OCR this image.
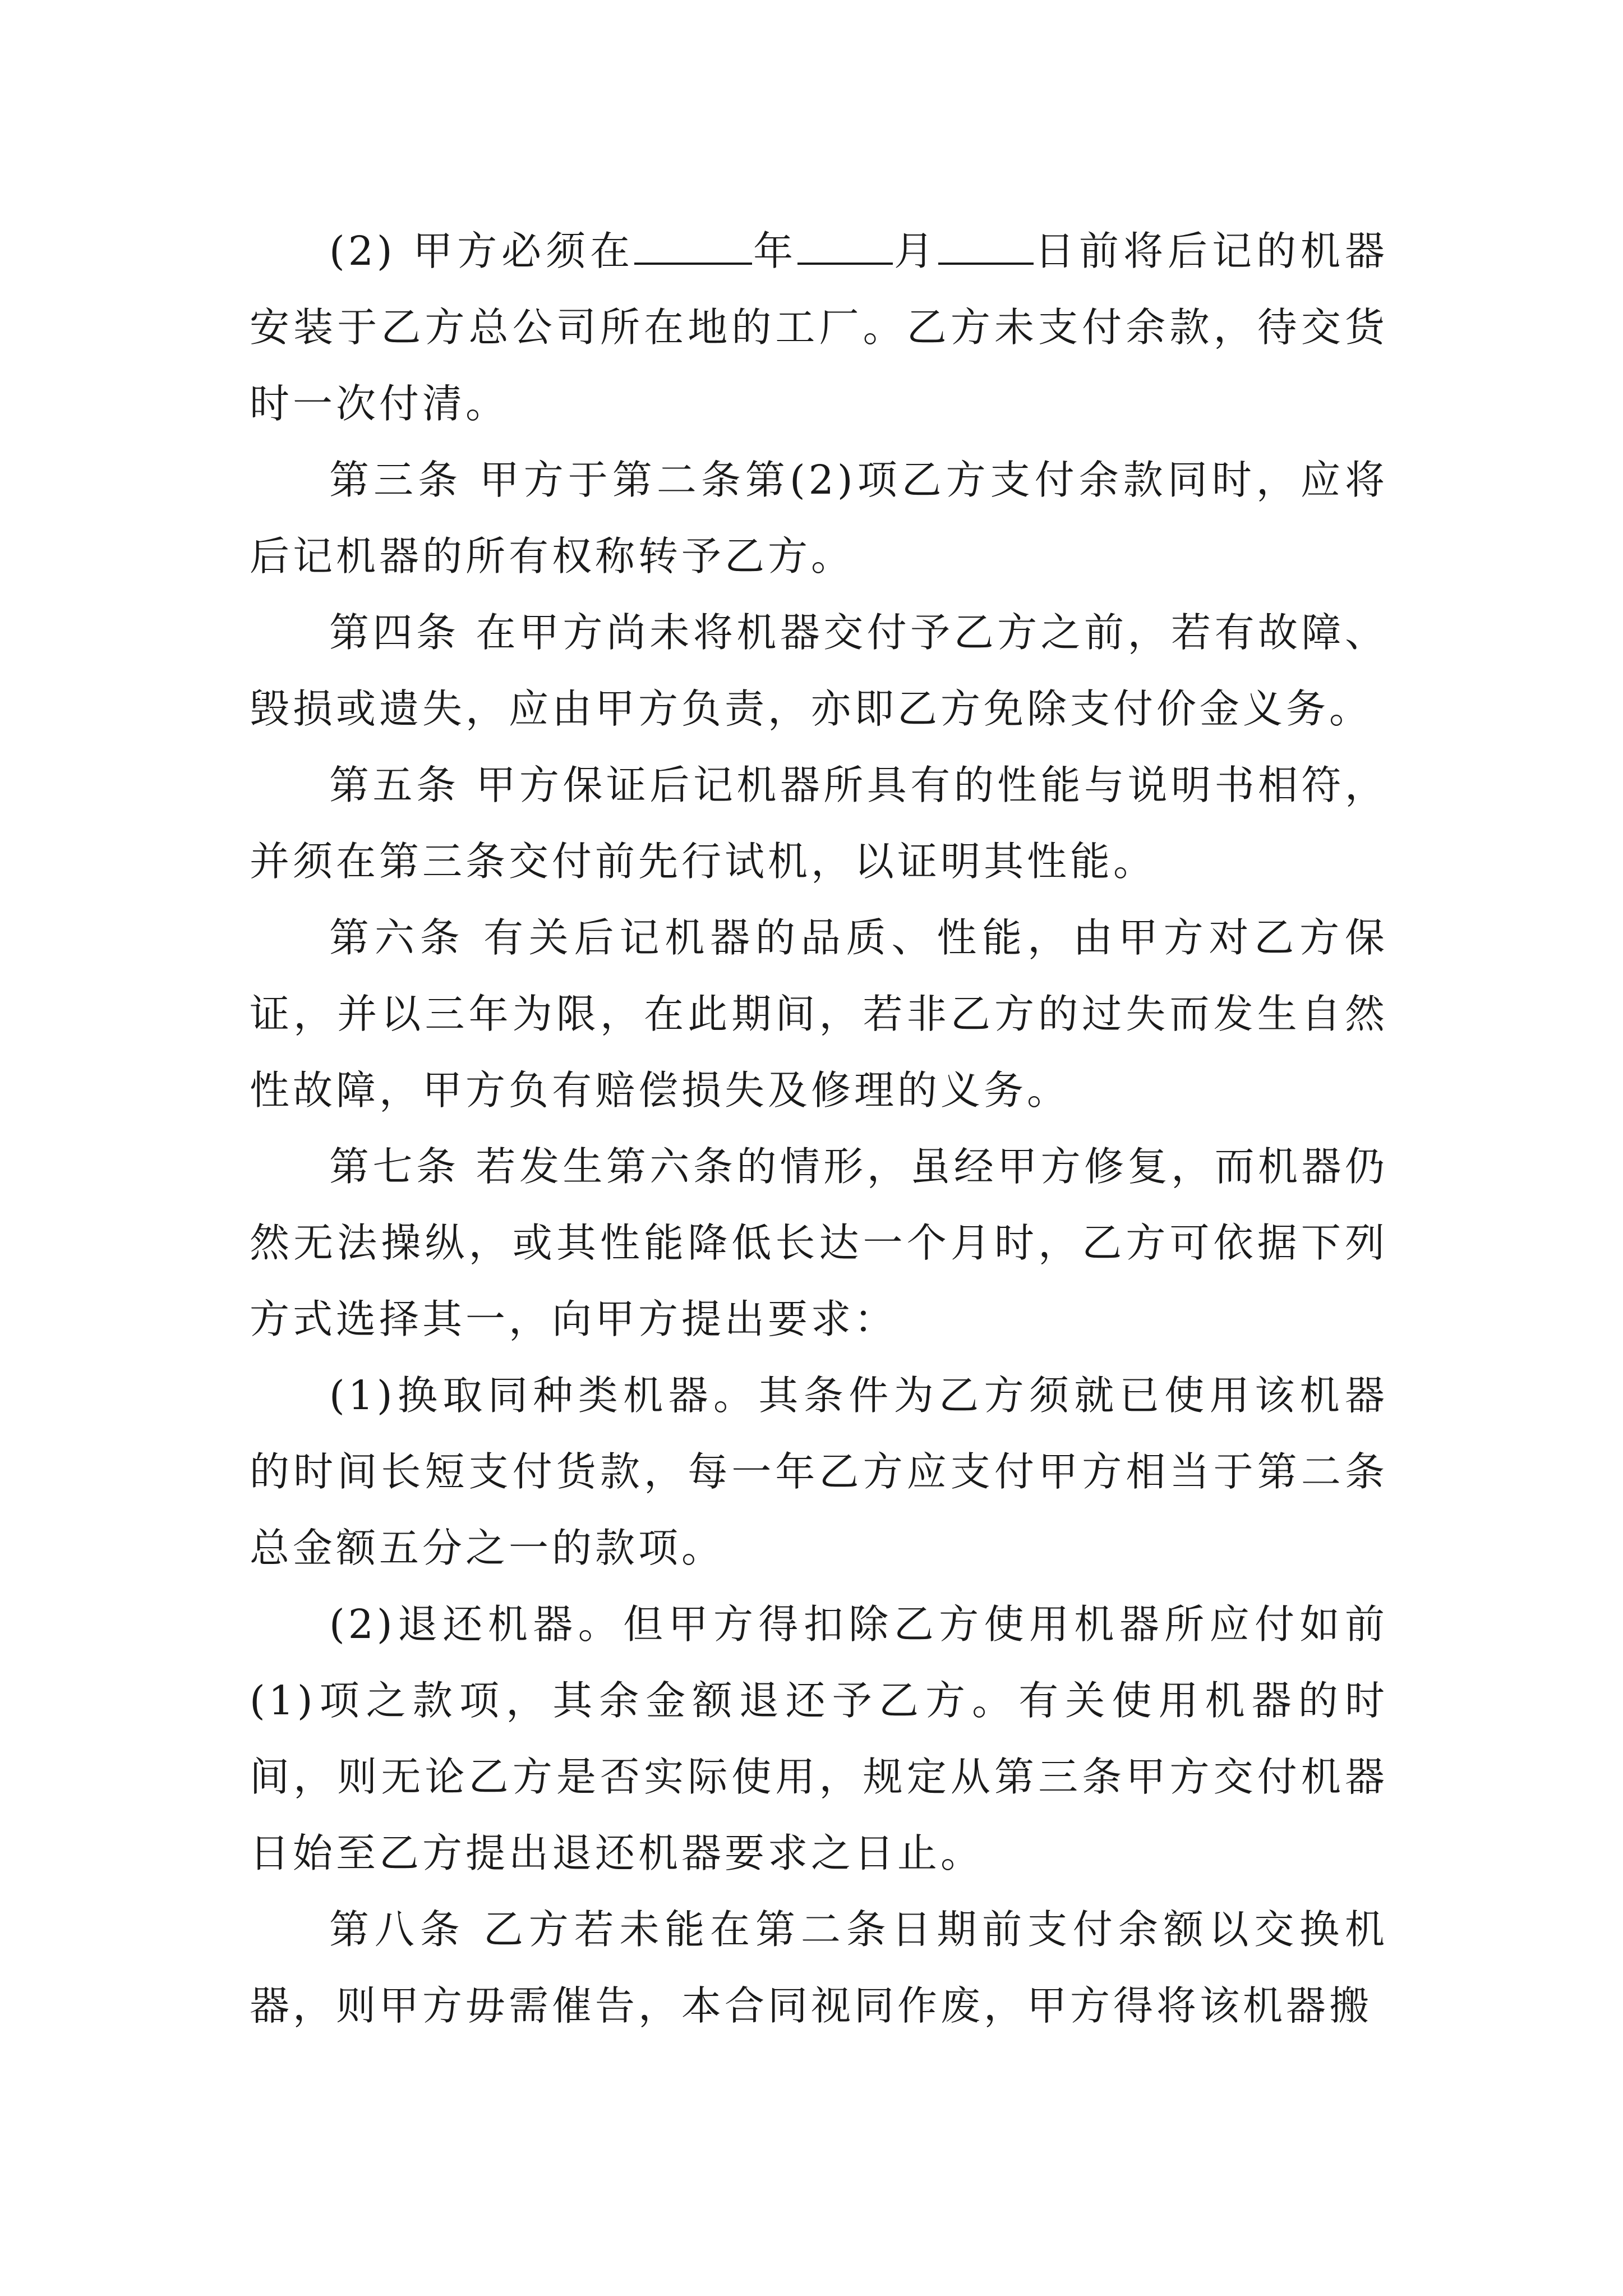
(2) 甲方必须在	年 月 日前将后记的机器安装于乙方总公司所在地的工厂。乙方未支付余款，待交货时一次付清。

第三条 甲方于第二条第(2)项乙方支付余款同时，应将后记机器的所有权称转予乙方。

第四条 在甲方尚未将机器交付予乙方之前，若有故障、毁损或遗失，应由甲方负责，亦即乙方免除支付价金义务。

第五条 甲方保证后记机器所具有的性能与说明书相符，并须在第三条交付前先行试机，以证明其性能。

第六条 有关后记机器的品质、性能，由甲方对乙方保证，并以三年为限，在此期间，若非乙方的过失而发生自然性故障，甲方负有赔偿损失及修理的义务。

第七条 若发生第六条的情形，虽经甲方修复，而机器仍然无法操纵，或其性能降低长达一个月时，乙方可依据下列方式选择其一，向甲方提出要求：

(1)换取同种类机器。其条件为乙方须就已使用该机器的时间长短支付货款，每一年乙方应支付甲方相当于第二条总金额五分之一的款项。

(2)退还机器。但甲方得扣除乙方使用机器所应付如前(1)项之款项，其余金额退还予乙方。有关使用机器的时间，则无论乙方是否实际使用，规定从第三条甲方交付机器日始至乙方提出退还机器要求之日止。

第八条 乙方若未能在第二条日期前支付余额以交换机器，则甲方毋需催告，本合同视同作废，甲方得将该机器搬
